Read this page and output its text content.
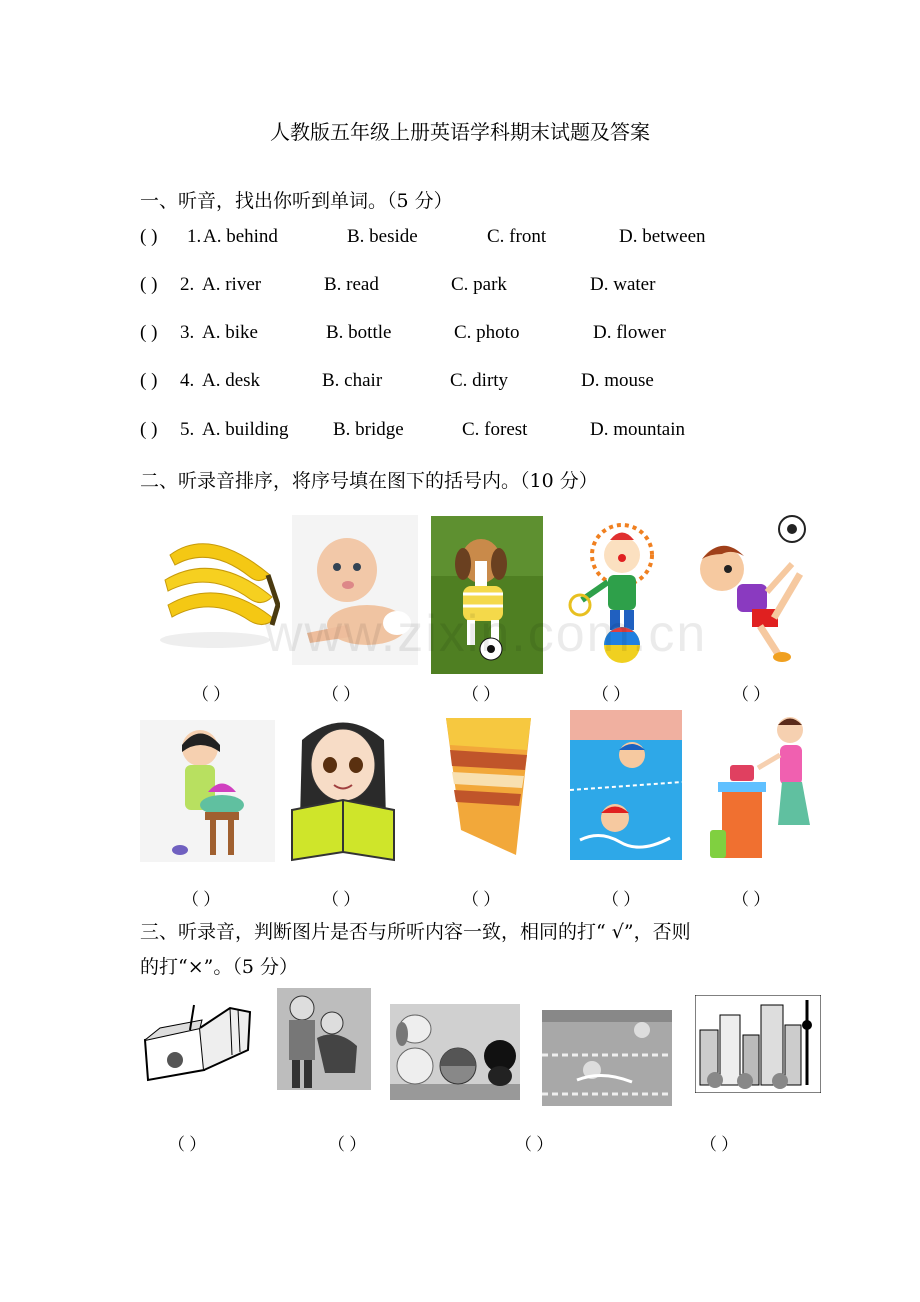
人教版五年级上册英语学科期末试题及答案
一、听音，找出你听到单词。（5 分）
( ) 1. A. behind	B. beside	C. front	D. between
( ) 2. A. river	B. read	C. park	D. water
( ) 3. A. bike	B. bottle	C. photo	D. flower
( ) 4. A. desk	B. chair	C. dirty	D. mouse
( ) 5. A. building B. bridge	C. forest	D. mountain
二、听录音排序，将序号填在图下的括号内。（10 分）
（ ）	（ ）	（ ）	（ ）	（ ）
（ ）	（ ）	（ ）	（ ）	（ ）
www.zixin.com.cn
三、听录音，判断图片是否与所听内容一致，相同的打“ √”，否则
的打“×”。（5 分）
（ ）	（ ）	（ ）	（ ）
